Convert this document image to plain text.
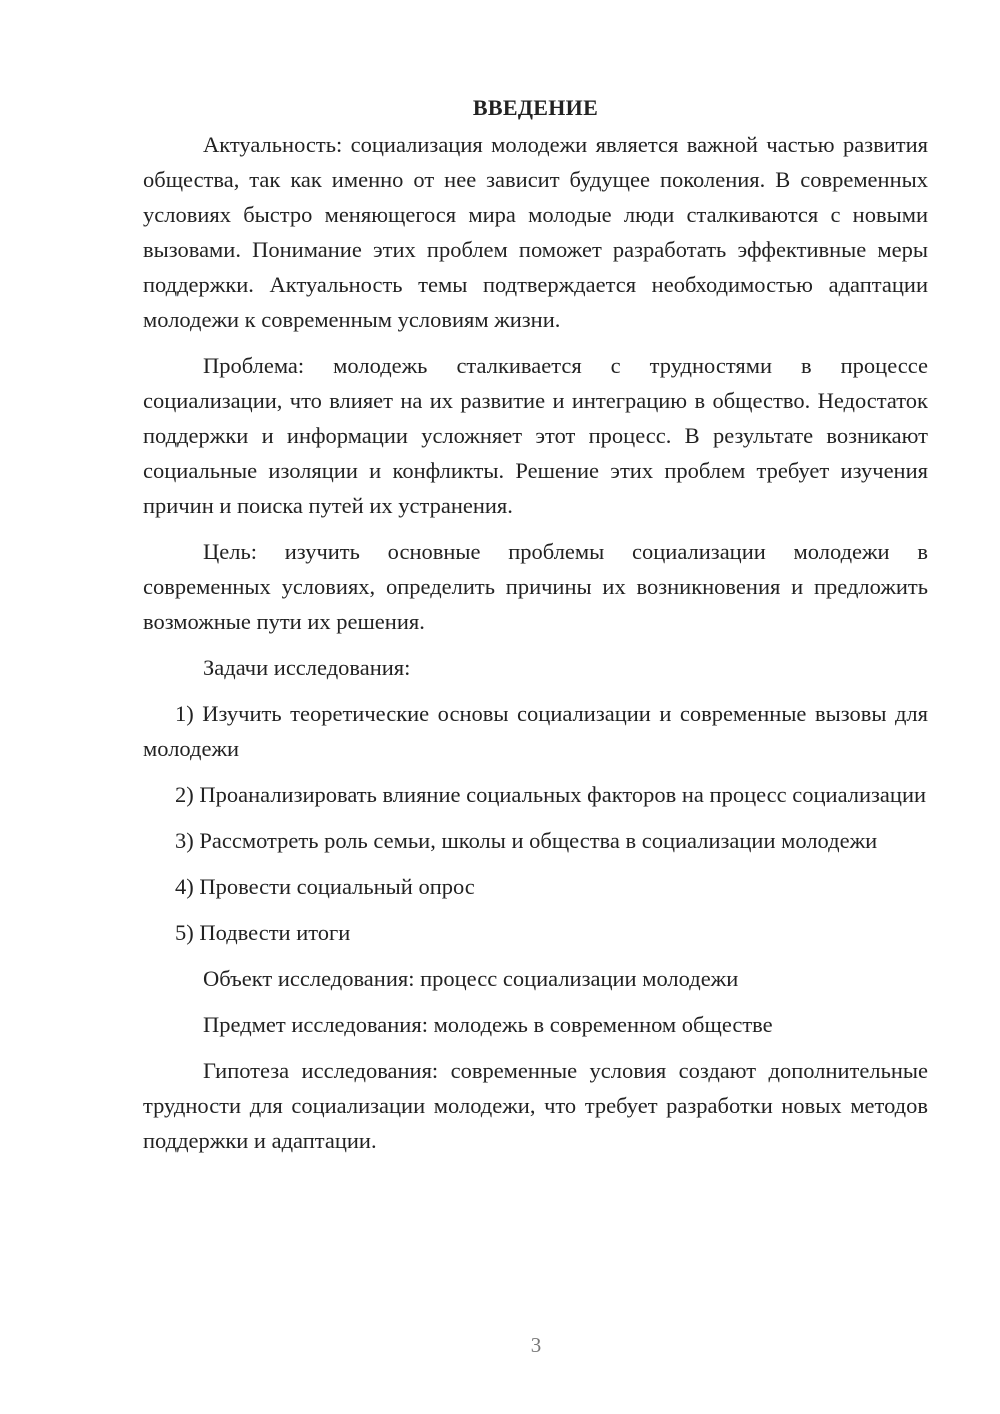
ВВЕДЕНИЕ

Актуальность: социализация молодежи является важной частью развития общества, так как именно от нее зависит будущее поколения. В современных условиях быстро меняющегося мира молодые люди сталкиваются с новыми вызовами. Понимание этих проблем поможет разработать эффективные меры поддержки. Актуальность темы подтверждается необходимостью адаптации молодежи к современным условиям жизни.

Проблема: молодежь сталкивается с трудностями в процессе социализации, что влияет на их развитие и интеграцию в общество. Недостаток поддержки и информации усложняет этот процесс. В результате возникают социальные изоляции и конфликты. Решение этих проблем требует изучения причин и поиска путей их устранения.

Цель: изучить основные проблемы социализации молодежи в современных условиях, определить причины их возникновения и предложить возможные пути их решения.

Задачи исследования:

1) Изучить теоретические основы социализации и современные вызовы для молодежи

2) Проанализировать влияние социальных факторов на процесс социализации

3) Рассмотреть роль семьи, школы и общества в социализации молодежи

4) Провести социальный опрос

5) Подвести итоги

Объект исследования: процесс социализации молодежи

Предмет исследования: молодежь в современном обществе

Гипотеза исследования: современные условия создают дополнительные трудности для социализации молодежи, что требует разработки новых методов поддержки и адаптации.

3
